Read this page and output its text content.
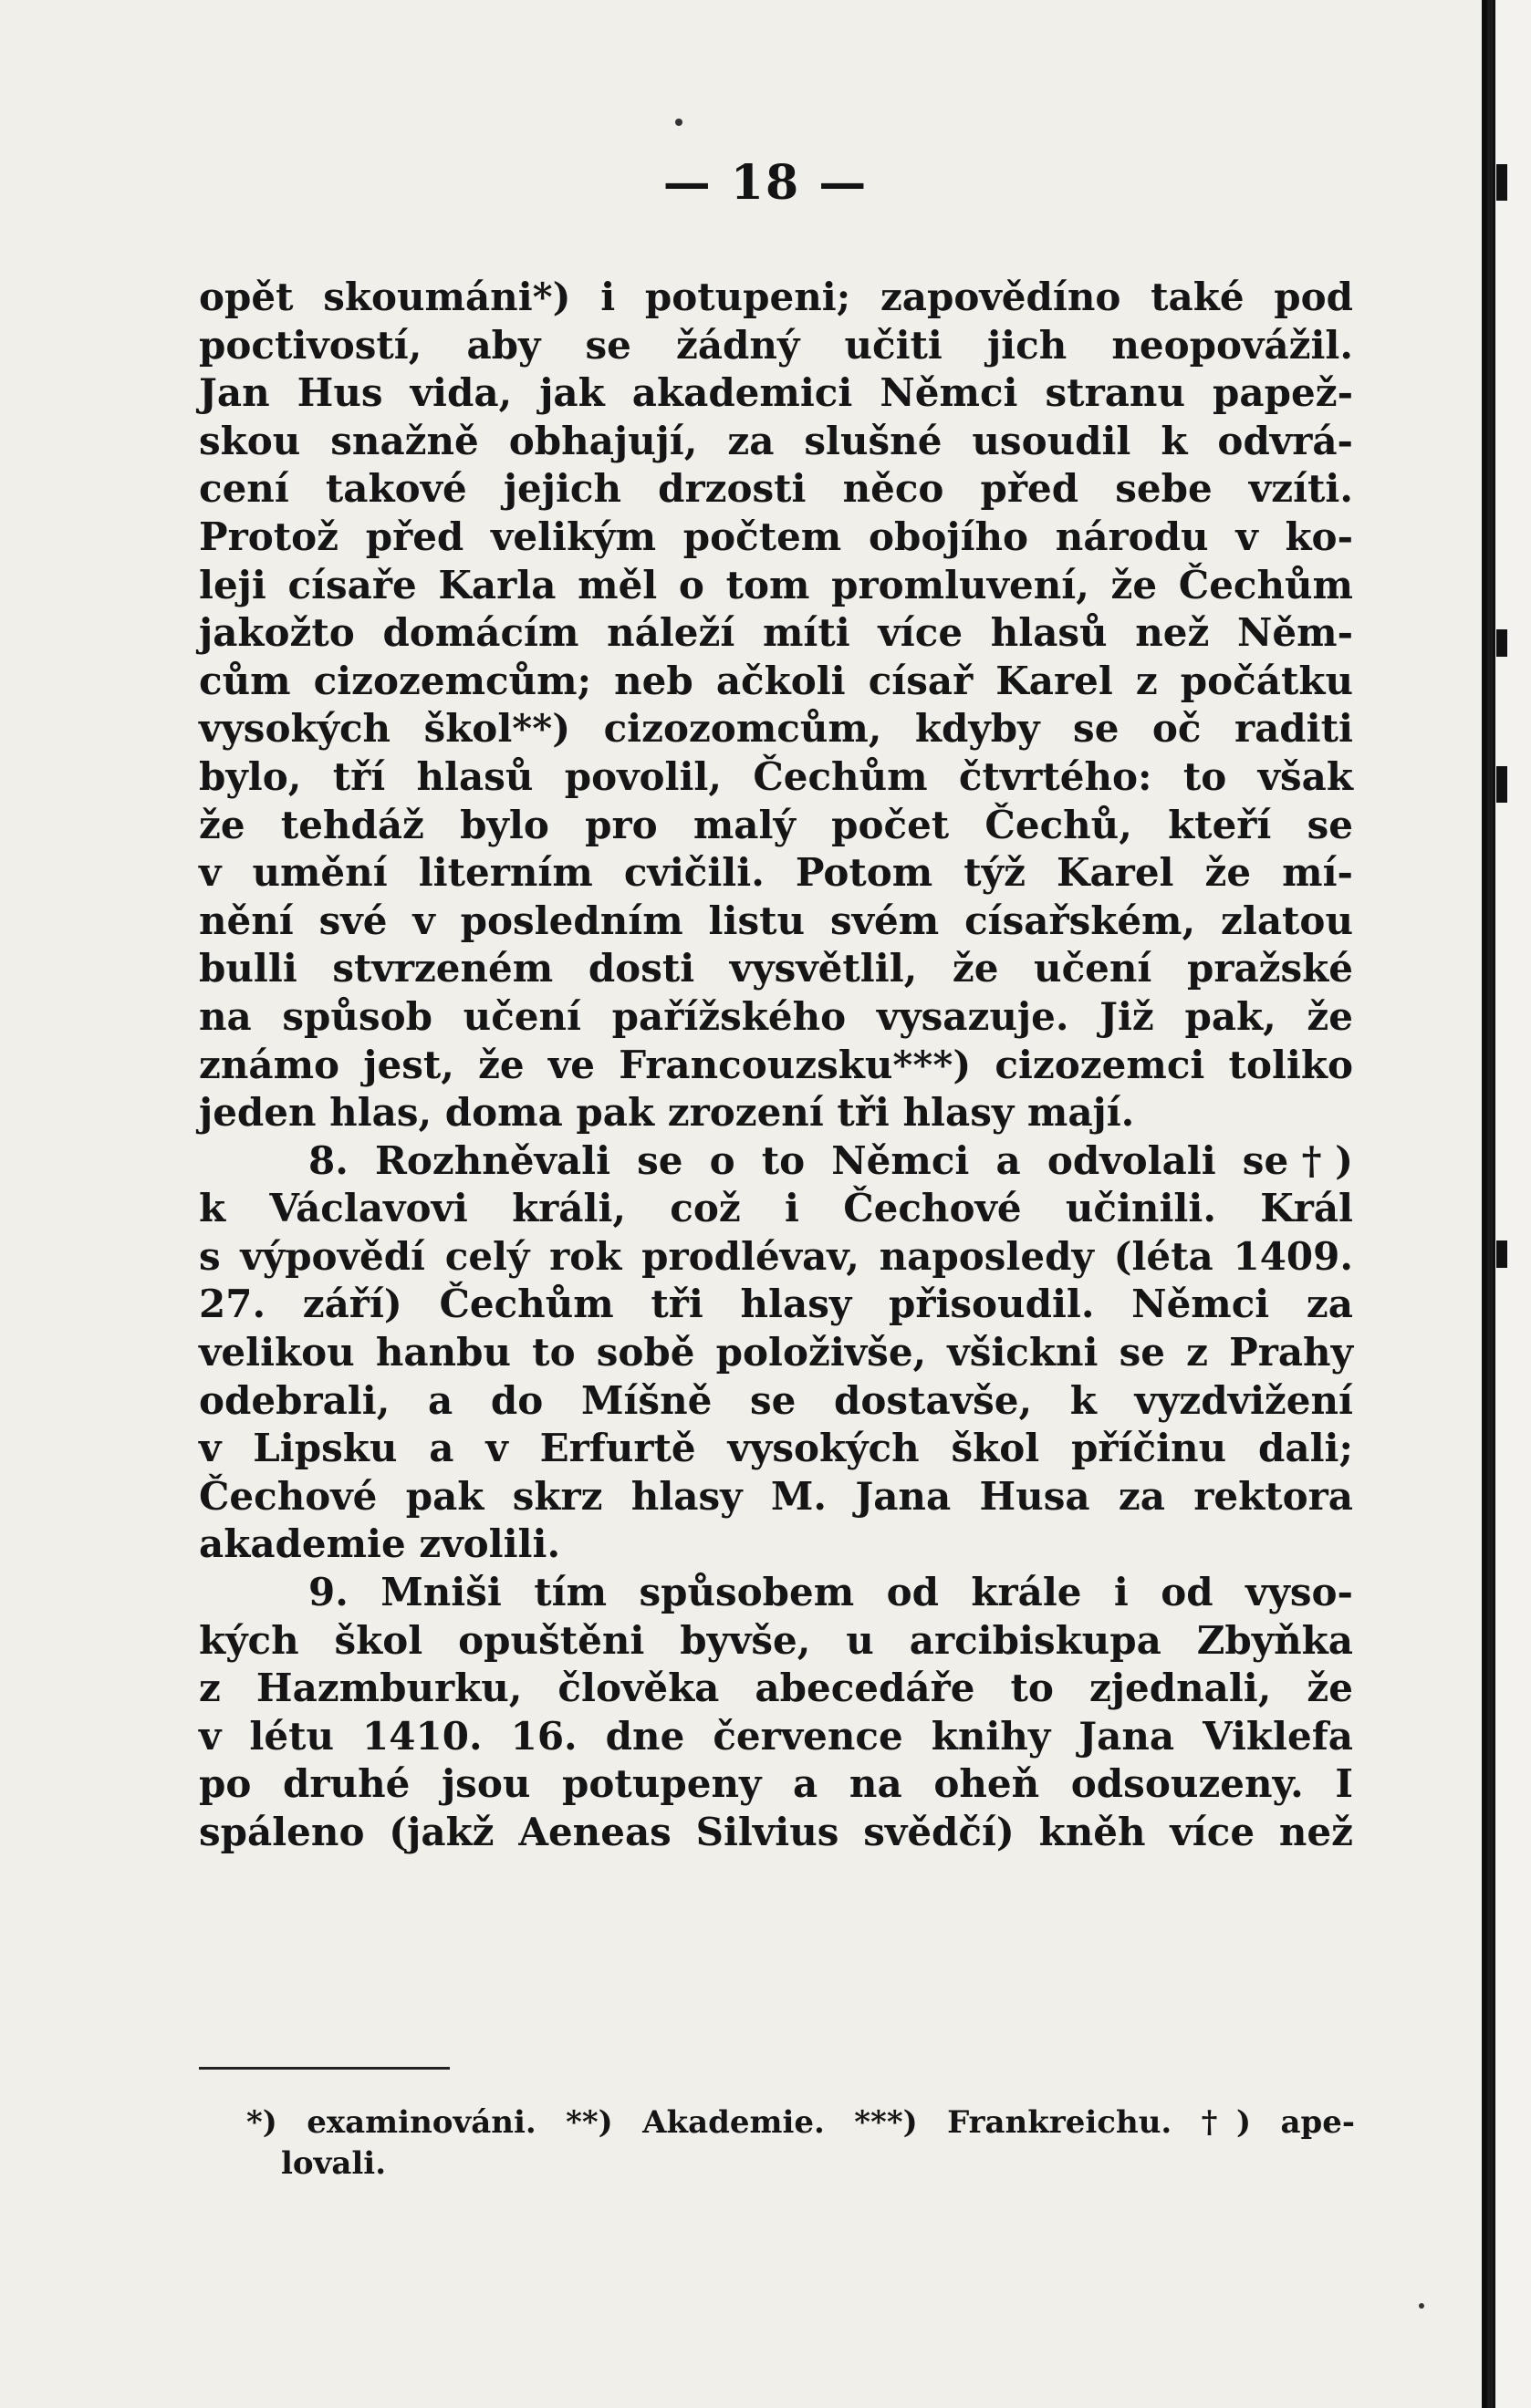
— 18 —
opět skoumáni*) i potupeni; zapovědíno také pod
poctivostí, aby se žádný učiti jich neopovážil.
Jan Hus vida, jak akademici Němci stranu papež-
skou snažně obhajují, za slušné usoudil k odvrá-
cení takové jejich drzosti něco před sebe vzíti.
Protož před velikým počtem obojího národu v ko-
leji císaře Karla měl o tom promluvení, že Čechům
jakožto domácím náleží míti více hlasů než Něm-
cům cizozemcům; neb ačkoli císař Karel z počátku
vysokých škol**) cizozomcům, kdyby se oč raditi
bylo, tří hlasů povolil, Čechům čtvrtého: to však
že tehdáž bylo pro malý počet Čechů, kteří se
v umění literním cvičili. Potom týž Karel že mí-
nění své v posledním listu svém císařském, zlatou
bulli stvrzeném dosti vysvětlil, že učení pražské
na spůsob učení pařížského vysazuje. Již pak, že
známo jest, že ve Francouzsku***) cizozemci toliko
jeden hlas, doma pak zrození tři hlasy mají.
8. Rozhněvali se o to Němci a odvolali se†)
k Václavovi králi, což i Čechové učinili. Král
s výpovědí celý rok prodlévav, naposledy (léta 1409.
27. září) Čechům tři hlasy přisoudil. Němci za
velikou hanbu to sobě položivše, všickni se z Prahy
odebrali, a do Míšně se dostavše, k vyzdvižení
v Lipsku a v Erfurtě vysokých škol příčinu dali;
Čechové pak skrz hlasy M. Jana Husa za rektora
akademie zvolili.
9. Mniši tím spůsobem od krále i od vyso-
kých škol opuštěni byvše, u arcibiskupa Zbyňka
z Hazmburku, člověka abecedáře to zjednali, že
v létu 1410. 16. dne července knihy Jana Viklefa
po druhé jsou potupeny a na oheň odsouzeny. I
spáleno (jakž Aeneas Silvius svědčí) kněh více než
*) examinováni. **) Akademie. ***) Frankreichu. †) ape-
lovali.
